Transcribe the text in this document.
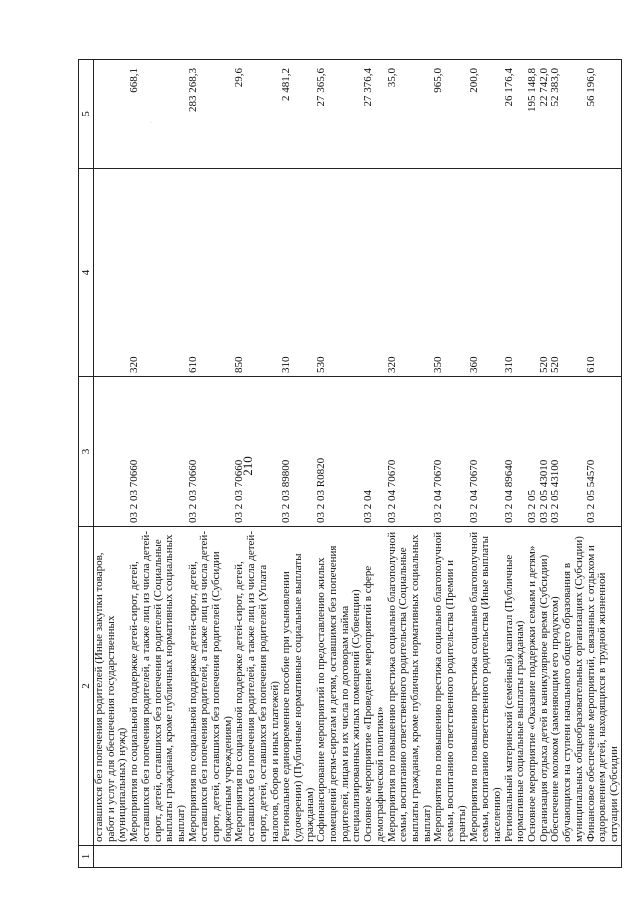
210
·
1	2	3	4	5
	оставшихся без попечения родителей (Иные закупки товаров, работ и услуг для обеспечения государственных (муниципальных) нужд)			
	Мероприятия по социальной поддержке детей-сирот, детей, оставшихся без попечения родителей, а также лиц из числа детей-сирот, детей, оставшихся без попечения родителей (Социальные выплаты гражданам, кроме публичных нормативных социальных выплат)	03 2 03 70660	320	668,1
	Мероприятия по социальной поддержке детей-сирот, детей, оставшихся без попечения родителей, а также лиц из числа детей-сирот, детей, оставшихся без попечения родителей (Субсидии бюджетным учреждениям)	03 2 03 70660	610	283 268,3
	Мероприятия по социальной поддержке детей-сирот, детей, оставшихся без попечения родителей, а также лиц из числа детей-сирот, детей, оставшихся без попечения родителей (Уплата налогов, сборов и иных платежей)	03 2 03 70660	850	29,6
	Региональное единовременное пособие при усыновлении (удочерении) (Публичные нормативные социальные выплаты гражданам)	03 2 03 89800	310	2 481,2
	Софинансирование мероприятий по предоставлению жилых помещений детям-сиротам и детям, оставшимся без попечения родителей, лицам из их числа по договорам найма специализированных жилых помещений (Субвенции)	03 2 03 R0820	530	27 365,6
	Основное мероприятие «Проведение мероприятий в сфере демографической политики»	03 2 04		27 376,4
	Мероприятия по повышению престижа социально благополучной семьи, воспитанию ответственного родительства (Социальные выплаты гражданам, кроме публичных нормативных социальных выплат)	03 2 04 70670	320	35,0
	Мероприятия по повышению престижа социально благополучной семьи, воспитанию ответственного родительства (Премии и гранты)	03 2 04 70670	350	965,0
	Мероприятия по повышению престижа социально благополучной семьи, воспитанию ответственного родительства (Иные выплаты населению)	03 2 04 70670	360	200,0
	Региональный материнский (семейный) капитал (Публичные нормативные социальные выплаты гражданам)	03 2 04 89640	310	26 176,4
	Основное мероприятие «Оказание поддержки семьям и детям»	03 2 05		195 148,8
	Организация отдыха детей в каникулярное время (Субсидии)	03 2 05 43010	520	22 742,0
	Обеспечение молоком (заменяющим его продуктом) обучающихся на ступени начального общего образования в муниципальных общеобразовательных организациях (Субсидии)	03 2 05 43100	520	52 383,0
	Финансовое обеспечение мероприятий, связанных с отдыхом и оздоровлением детей, находящихся в трудной жизненной ситуации (Субсидии	03 2 05 54570	610	56 196,0
